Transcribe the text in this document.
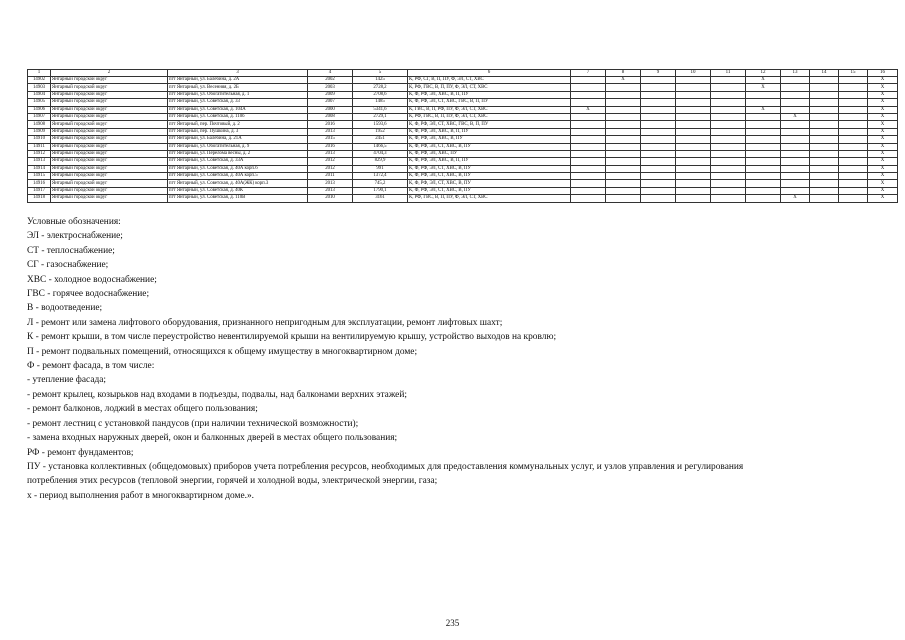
1	2	3	4	5	6	7	8	9	10	11	12	13	14	15	16
14902	Янтарный городской округ	пгт Янтарный, ул. Балебина, д. 2А	2002	1425	К, РФ, СГ, В, П, ПУ, Ф, ЭЛ, СТ, ХВС		X				X				X
14903	Янтарный городской округ	пгт Янтарный, ул. Весенняя, д. 2Б	2003	2728,2	К, РФ, ГВС, В, П, ПУ, Ф, ЭЛ, СТ, ХВС						X				X
14904	Янтарный городской округ	пгт Янтарный, ул. Обогатительная, д. 1	2009	2708,6	К, Ф, РФ, ЭЛ, ХВС, В, П, ПУ										X
14905	Янтарный городской округ	пгт Янтарный, ул. Советская, д. 33	2007	1485	К, Ф, РФ, ЭЛ, СТ, ХВС, ГВС, В, П, ПУ										X
14906	Янтарный городской округ	пгт Янтарный, ул. Советская, д. 104А	2000	5341,6	К, ГВС, В, П, РФ, ПУ, Ф, ЭЛ, СТ, ХВС	X					X				X
14907	Янтарный городской округ	пгт Янтарный, ул. Советская, д. 110б	2008	2729,1	К, РФ, ГВС, В, П, ПУ, Ф, ЭЛ, СТ, ХВС							X			X
14908	Янтарный городской округ	пгт Янтарный, пер. Почтовый, д. 2	2016	1593,6	К, Ф, РФ, ЭЛ, СТ, ХВС, ГВС, В, П, ПУ										X
14909	Янтарный городской округ	пгт Янтарный, пер. Пушкина, д. 3	2013	1952	К, Ф, РФ, ЭЛ, ХВС, В, П, ПУ										X
14910	Янтарный городской округ	пгт Янтарный, ул. Балебина, д. 21А	2015	2451	К, Ф, РФ, ЭЛ, ХВС, В, ПУ										X
14911	Янтарный городской округ	пгт Янтарный, ул. Обогатительная, д. 9	2016	1466,5	К, Ф, РФ, ЭЛ, СТ, ХВС, В, ПУ										X
14912	Янтарный городской округ	пгт Янтарный, ул. Перелома весны, д. 2	2013	4704,3	К, Ф, РФ, ЭЛ, ХВС, ПУ										X
14913	Янтарный городской округ	пгт Янтарный, ул. Советская, д. 33А	2012	829,9	К, Ф, РФ, ЭЛ, ХВС, В, П, ПУ										X
14914	Янтарный городской округ	пгт Янтарный, ул. Советская, д. 40А корп.6	2012	991	К, Ф, РФ, ЭЛ, СТ, ХВС, В, ПУ										X
14915	Янтарный городской округ	пгт Янтарный, ул. Советская, д. 40А корп.5	2011	1372,4	К, Ф, РФ, ЭЛ, СТ, ХВС, В, ПУ										X
14916	Янтарный городской округ	пгт Янтарный, ул. Советская, д. 40А(ЖК) корп.3	2013	745,2	К, Ф, РФ, ЭЛ, СТ, ХВС, В, ПУ										X
14917	Янтарный городской округ	пгт Янтарный, ул. Советская, д. 40К	2013	1790,1	К, Ф, РФ, ЭЛ, СТ, ХВС, В, ПУ										X
14918	Янтарный городской округ	пгт Янтарный, ул. Советская, д. 110В	2010	3161	К, РФ, ГВС, В, П, ПУ, Ф, ЭЛ, СТ, ХВС							X			X
Условные обозначения:
ЭЛ - электроснабжение;
СТ - теплоснабжение;
СГ - газоснабжение;
ХВС - холодное водоснабжение;
ГВС - горячее водоснабжение;
В - водоотведение;
Л - ремонт или замена лифтового оборудования, признанного непригодным для эксплуатации, ремонт лифтовых шахт;
К - ремонт крыши, в том числе переустройство невентилируемой крыши на вентилируемую крышу, устройство выходов на кровлю;
П - ремонт подвальных помещений, относящихся к общему имуществу в многоквартирном доме;
Ф - ремонт фасада, в том числе:
- утепление фасада;
- ремонт крылец, козырьков над входами в подъезды, подвалы, над балконами верхних этажей;
- ремонт балконов, лоджий в местах общего пользования;
- ремонт лестниц с установкой пандусов (при наличии технической возможности);
- замена входных наружных дверей, окон и балконных дверей в местах общего пользования;
РФ - ремонт фундаментов;
ПУ - установка коллективных (общедомовых) приборов учета потребления ресурсов, необходимых для предоставления коммунальных услуг, и узлов управления и регулирования
потребления этих ресурсов (тепловой энергии, горячей и холодной воды, электрической энергии, газа;
х - период выполнения работ в многоквартирном доме.».
235
